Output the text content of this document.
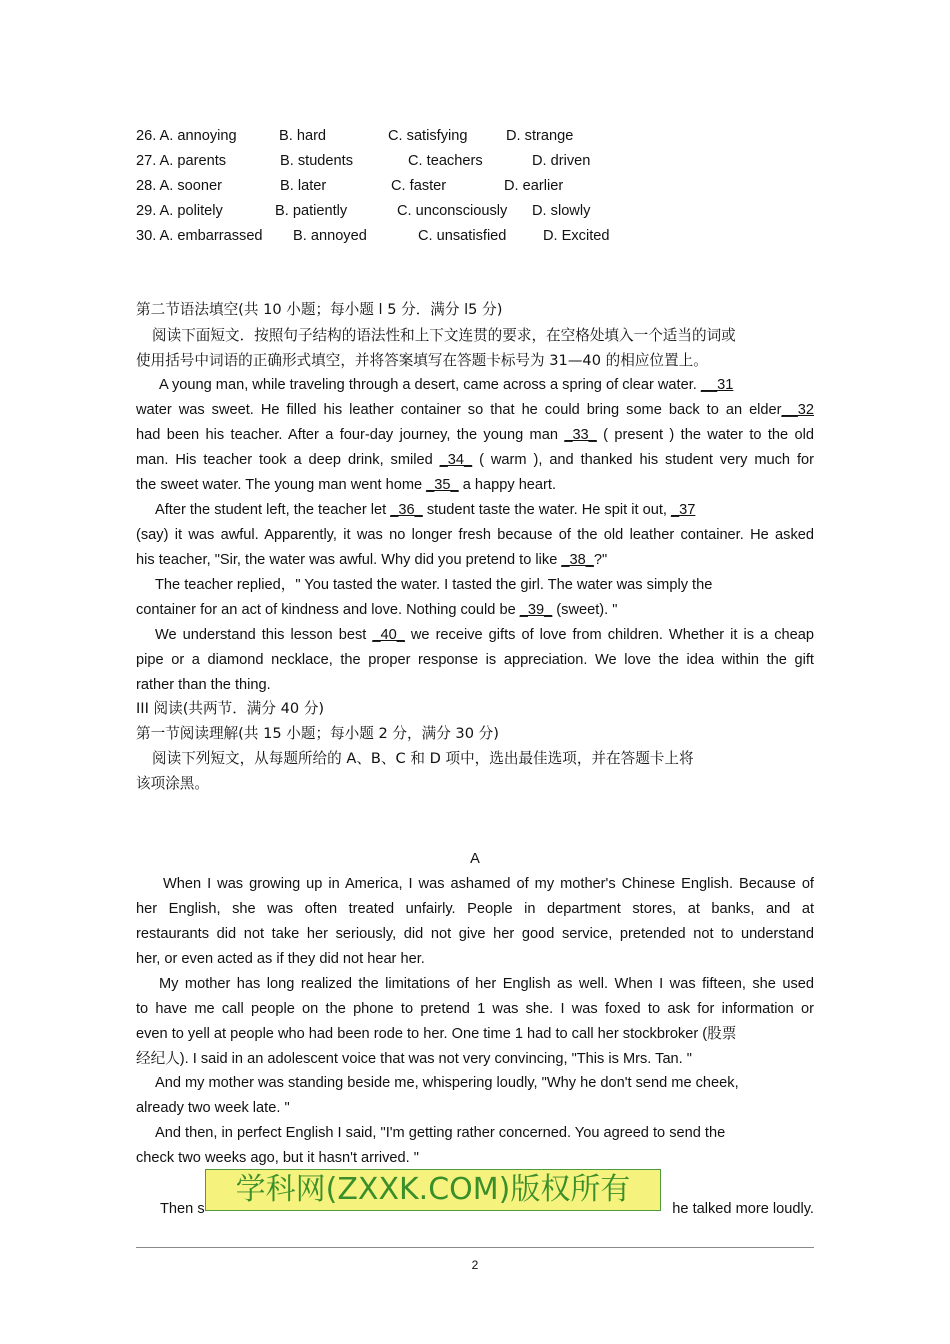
26. A. annoying	B. hard	C. satisfying	D. strange
27. A. parents	B. students	C. teachers	D. driven
28. A. sooner	B. later	C. faster	D. earlier
29. A. politely	B. patiently	C. unconsciously D. slowly
30. A. embarrassed B. annoyed	C. unsatisfied	D. Excited
第二节语法填空(共 10 小题；每小题 l 5 分．满分 l5 分)
阅读下面短文．按照句子结构的语法性和上下文连贯的要求，在空格处填入一个适当的词或
使用括号中词语的正确形式填空，并将答案填写在答题卡标号为 31—40 的相应位置上。
A young man, while traveling through a desert, came across a spring of clear water. __31
water was sweet. He filled his leather container so that he could bring some back to an elder__32
had been his teacher. After a four-day journey, the young man _33_ ( present ) the water to the old
man. His teacher took a deep drink, smiled _34_ ( warm ), and thanked his student very much for
the sweet water. The young man went home _35_ a happy heart.
After the student left, the teacher let _36_ student taste the water. He spit it out, _37
(say) it was awful. Apparently, it was no longer fresh because of the old leather container. He asked
his teacher, "Sir, the water was awful. Why did you pretend to like _38_?"
The teacher replied，" You tasted the water. I tasted the girl. The water was simply the
container for an act of kindness and love. Nothing could be _39_ (sweet). "
We understand this lesson best _40_ we receive gifts of love from children. Whether it is a cheap
pipe or a diamond necklace, the proper response is appreciation. We love the idea within the gift
rather than the thing.
III 阅读(共两节．满分 40 分)
第一节阅读理解(共 15 小题；每小题 2 分，满分 30 分)
阅读下列短文，从每题所给的 A、B、C 和 D 项中，选出最佳选项，并在答题卡上将
该项涂黑。
A
When I was growing up in America, I was ashamed of my mother's Chinese English. Because of
her English, she was often treated unfairly. People in department stores, at banks, and at
restaurants did not take her seriously, did not give her good service, pretended not to understand
her, or even acted as if they did not hear her.
My mother has long realized the limitations of her English as well. When I was fifteen, she used
to have me call people on the phone to pretend 1 was she. I was foxed to ask for information or
even to yell at people who had been rode to her. One time 1 had to call her stockbroker (股票
经纪人). I said in an adolescent voice that was not very convincing, "This is Mrs. Tan. "
And my mother was standing beside me, whispering loudly, "Why he don't send me cheek,
already two week late. "
And then, in perfect English I said, "I'm getting rather concerned. You agreed to send the
check two weeks ago, but it hasn't arrived. "
Then s	he talked more loudly.
学科网(ZXXK.COM)版权所有
2
